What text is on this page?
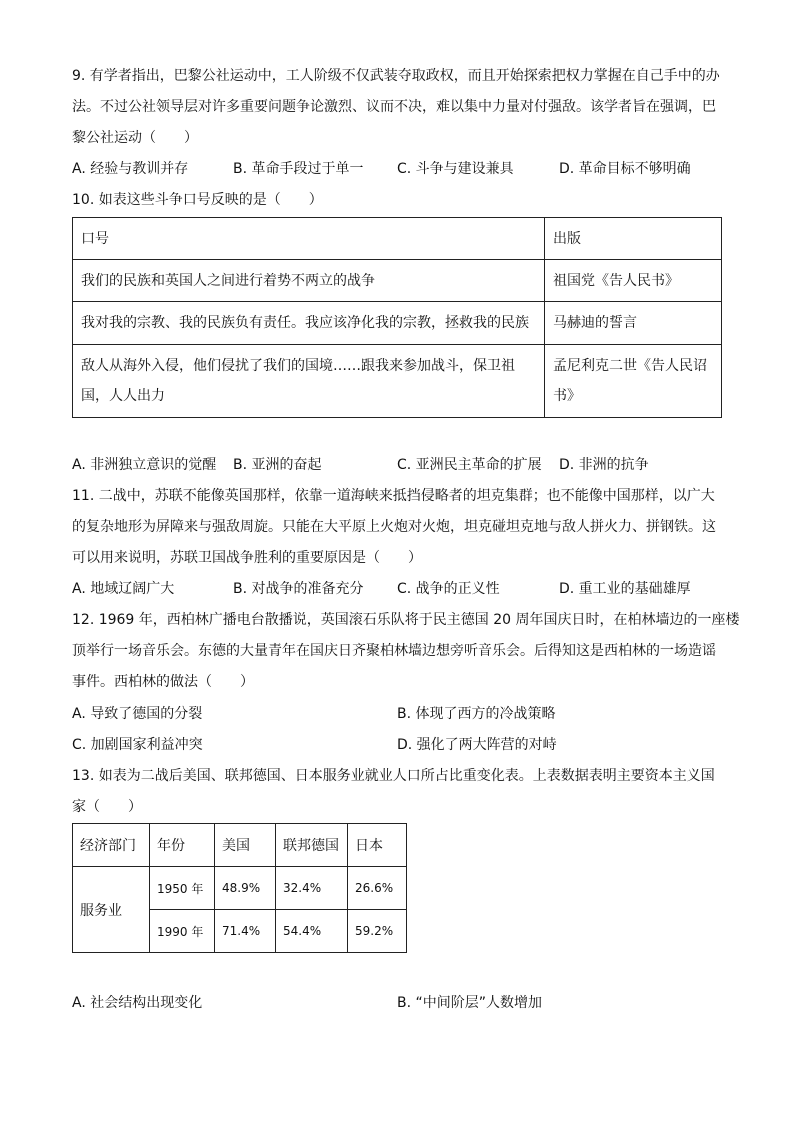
9. 有学者指出，巴黎公社运动中，工人阶级不仅武装夺取政权，而且开始探索把权力掌握在自己手中的办
法。不过公社领导层对许多重要问题争论激烈、议而不决，难以集中力量对付强敌。该学者旨在强调，巴
黎公社运动（　　）
A. 经验与教训并存	B. 革命手段过于单一 C. 斗争与建设兼具	D. 革命目标不够明确
10. 如表这些斗争口号反映的是（　　）
口号	出版
我们的民族和英国人之间进行着势不两立的战争	祖国党《告人民书》
我对我的宗教、我的民族负有责任。我应该净化我的宗教，拯救我的民族	马赫迪的誓言
敌人从海外入侵，他们侵扰了我们的国境……跟我来参加战斗，保卫祖国，人人出力	孟尼利克二世《告人民诏书》
A. 非洲独立意识的觉醒 B. 亚洲的奋起	C. 亚洲民主革命的扩展 D. 非洲的抗争
11. 二战中，苏联不能像英国那样，依靠一道海峡来抵挡侵略者的坦克集群；也不能像中国那样，以广大
的复杂地形为屏障来与强敌周旋。只能在大平原上火炮对火炮，坦克碰坦克地与敌人拼火力、拼钢铁。这
可以用来说明，苏联卫国战争胜利的重要原因是（　　）
A. 地域辽阔广大	B. 对战争的准备充分 C. 战争的正义性	D. 重工业的基础雄厚
12. 1969 年，西柏林广播电台散播说，英国滚石乐队将于民主德国 20 周年国庆日时，在柏林墙边的一座楼
顶举行一场音乐会。东德的大量青年在国庆日齐聚柏林墙边想旁听音乐会。后得知这是西柏林的一场造谣
事件。西柏林的做法（　　）
A. 导致了德国的分裂	B. 体现了西方的冷战策略
C. 加剧国家利益冲突	D. 强化了两大阵营的对峙
13. 如表为二战后美国、联邦德国、日本服务业就业人口所占比重变化表。上表数据表明主要资本主义国
家（　　）
经济部门	年份	美国	联邦德国	日本
服务业	1950 年	48.9%	32.4%	26.6%
	1990 年	71.4%	54.4%	59.2%
A. 社会结构出现变化	B. “中间阶层”人数增加
